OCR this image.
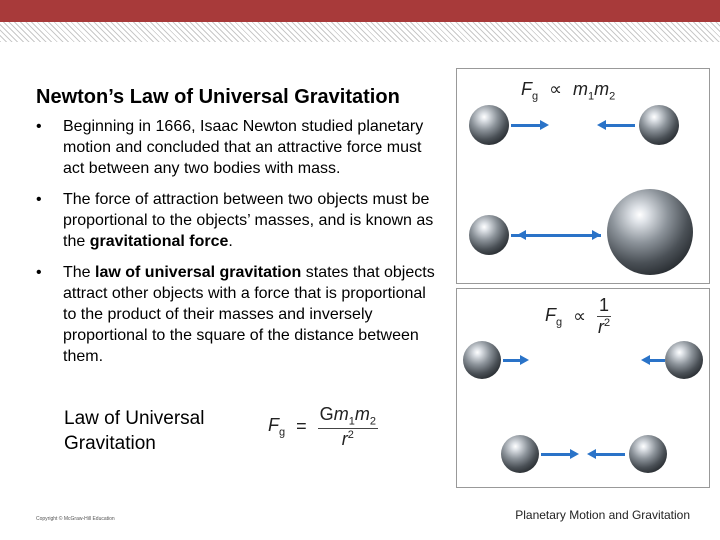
Newton’s Law of Universal Gravitation
• Beginning in 1666, Isaac Newton studied planetary motion and concluded that an attractive force must act between any two bodies with mass.
• The force of attraction between two objects must be proportional to the objects’ masses, and is known as the gravitational force.
• The law of universal gravitation states that objects attract other objects with a force that is proportional to the product of their masses and inversely proportional to the square of the distance between them.
Law of Universal
Gravitation
$F_g = \frac{Gm_1m_2}{r^2}$
$F_g \propto m_1m_2$
$F_g \propto \frac{1}{r^2}$
Copyright © McGraw-Hill Education	Planetary Motion and Gravitation
